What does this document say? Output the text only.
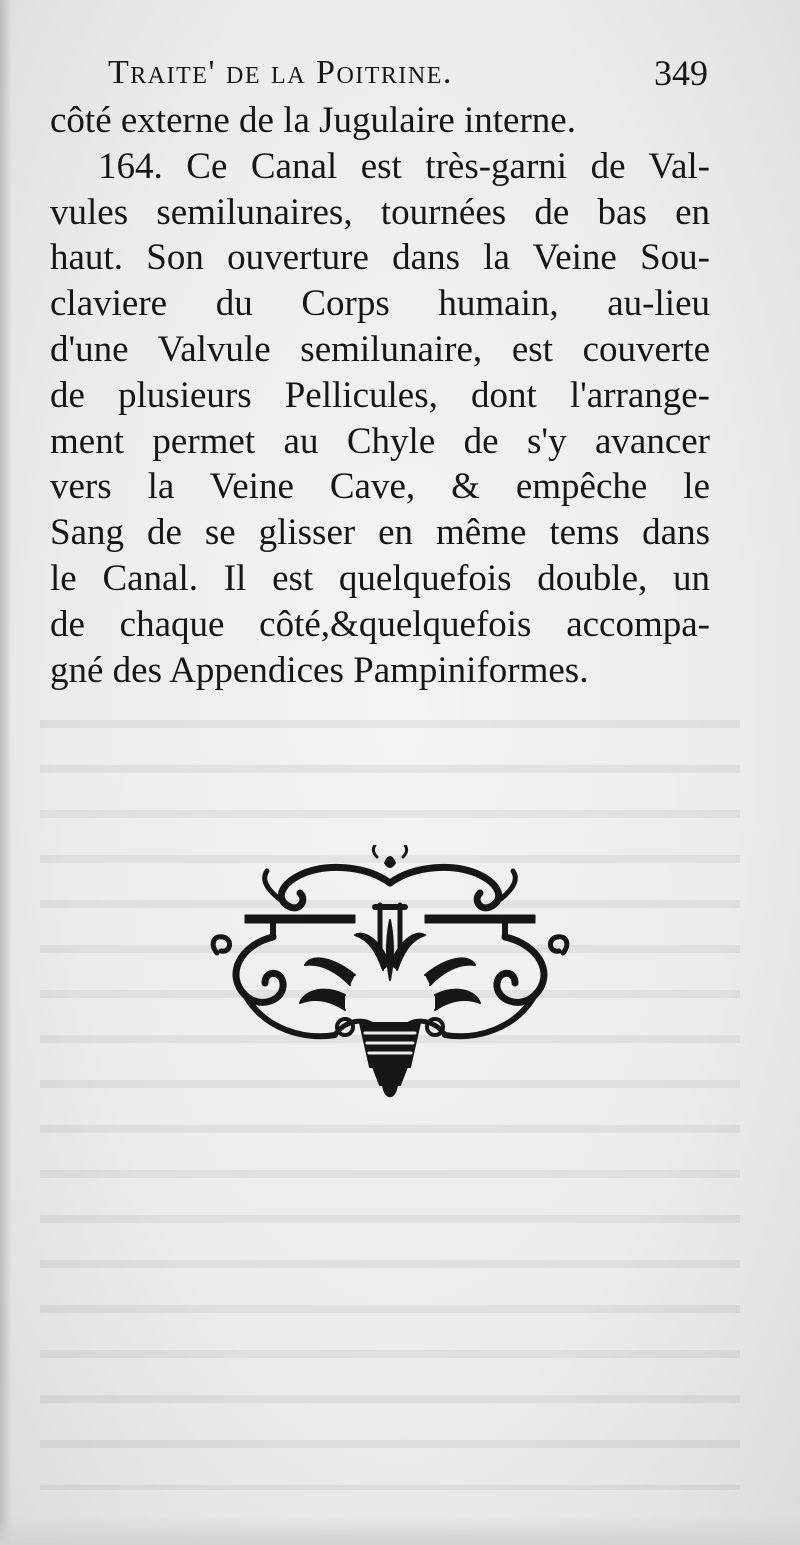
Traite' de la Poitrine.	349
côté externe de la Jugulaire interne.
164. Ce Canal est très-garni de Val-
vules semilunaires, tournées de bas en
haut. Son ouverture dans la Veine Sou-
claviere du Corps humain, au-lieu
d'une Valvule semilunaire, est couverte
de plusieurs Pellicules, dont l'arrange-
ment permet au Chyle de s'y avancer
vers la Veine Cave, & empêche le
Sang de se glisser en même tems dans
le Canal. Il est quelquefois double, un
de chaque côté,&quelquefois accompa-
gné des Appendices Pampiniformes.
